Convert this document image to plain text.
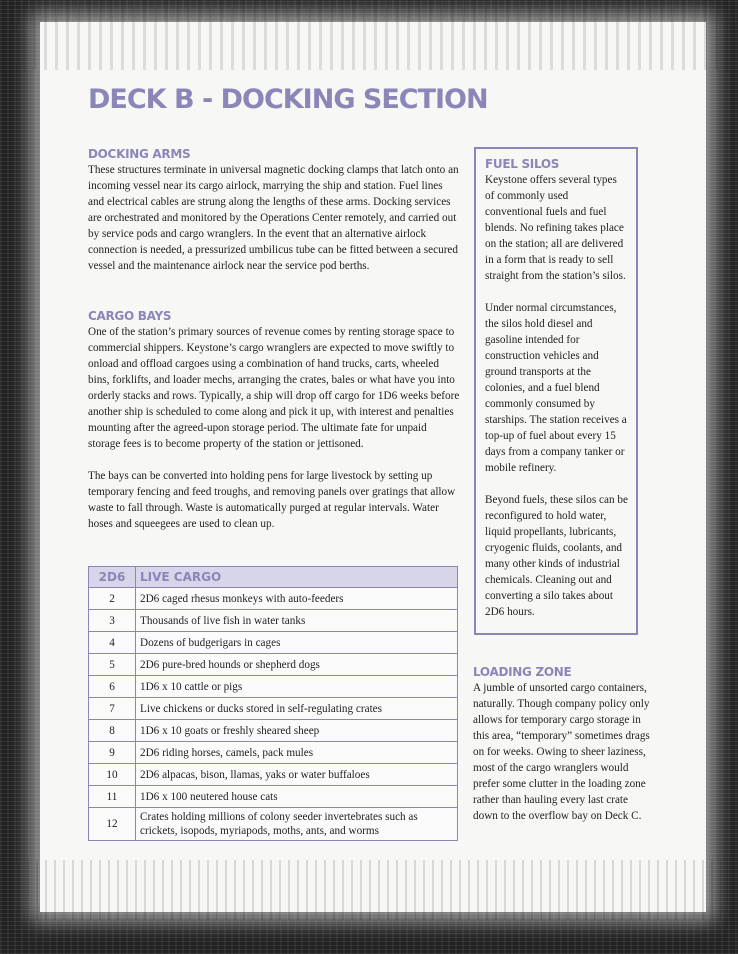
DECK B - DOCKING SECTION
DOCKING ARMS

These structures terminate in universal magnetic docking clamps that latch onto an incoming vessel near its cargo airlock, marrying the ship and station. Fuel lines and electrical cables are strung along the lengths of these arms. Docking services are orchestrated and monitored by the Operations Center remotely, and carried out by service pods and cargo wranglers. In the event that an alternative airlock connection is needed, a pressurized umbilicus tube can be fitted between a secured vessel and the maintenance airlock near the service pod berths.

CARGO BAYS

One of the station’s primary sources of revenue comes by renting storage space to commercial shippers. Keystone’s cargo wranglers are expected to move swiftly to onload and offload cargoes using a combination of hand trucks, carts, wheeled bins, forklifts, and loader mechs, arranging the crates, bales or what have you into orderly stacks and rows. Typically, a ship will drop off cargo for 1D6 weeks before another ship is scheduled to come along and pick it up, with interest and penalties mounting after the agreed-upon storage period. The ultimate fate for unpaid storage fees is to become property of the station or jettisoned.

The bays can be converted into holding pens for large livestock by setting up temporary fencing and feed troughs, and removing panels over gratings that allow waste to fall through. Waste is automatically purged at regular intervals. Water hoses and squeegees are used to clean up.

2D6	LIVE CARGO
2	2D6 caged rhesus monkeys with auto-feeders
3	Thousands of live fish in water tanks
4	Dozens of budgerigars in cages
5	2D6 pure-bred hounds or shepherd dogs
6	1D6 x 10 cattle or pigs
7	Live chickens or ducks stored in self-regulating crates
8	1D6 x 10 goats or freshly sheared sheep
9	2D6 riding horses, camels, pack mules
10	2D6 alpacas, bison, llamas, yaks or water buffaloes
11	1D6 x 100 neutered house cats
12	Crates holding millions of colony seeder invertebrates such as crickets, isopods, myriapods, moths, ants, and worms
FUEL SILOS

Keystone offers several types of commonly used conventional fuels and fuel blends. No refining takes place on the station; all are delivered in a form that is ready to sell straight from the station’s silos.

Under normal circumstances, the silos hold diesel and gasoline intended for construction vehicles and ground transports at the colonies, and a fuel blend commonly consumed by starships. The station receives a top-up of fuel about every 15 days from a company tanker or mobile refinery.

Beyond fuels, these silos can be reconfigured to hold water, liquid propellants, lubricants, cryogenic fluids, coolants, and many other kinds of industrial chemicals. Cleaning out and converting a silo takes about 2D6 hours.

LOADING ZONE

A jumble of unsorted cargo containers, naturally. Though company policy only allows for temporary cargo storage in this area, “temporary” sometimes drags on for weeks. Owing to sheer laziness, most of the cargo wranglers would prefer some clutter in the loading zone rather than hauling every last crate down to the overflow bay on Deck C.
